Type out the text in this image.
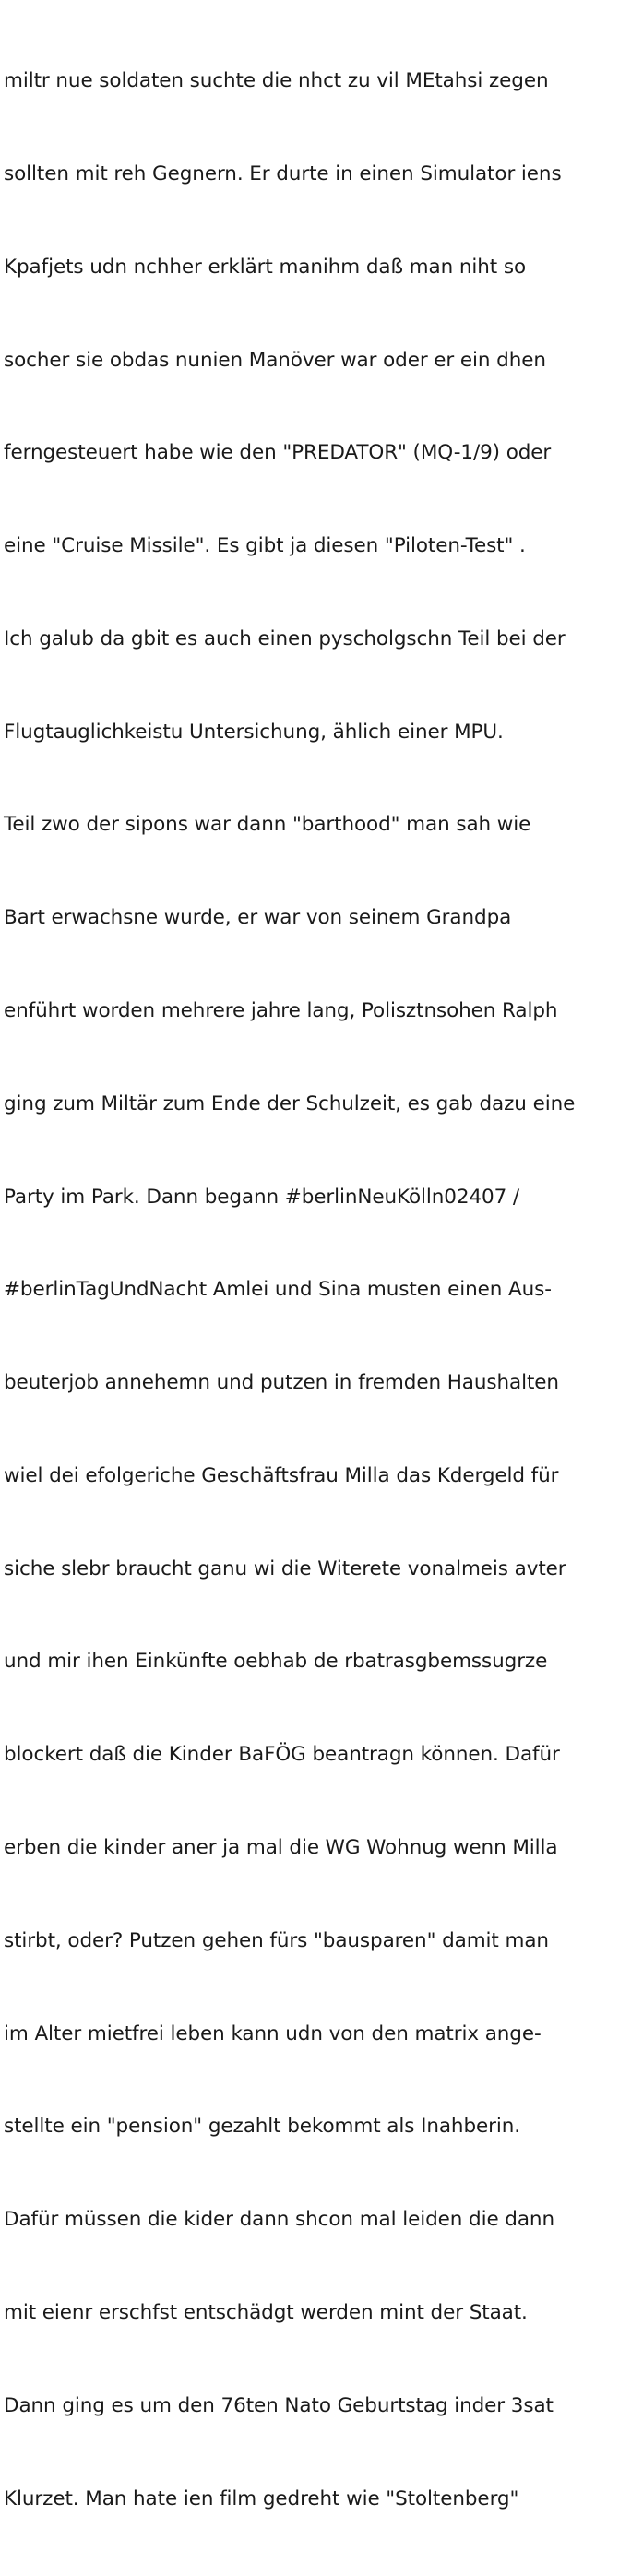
miltr nue soldaten suchte die nhct zu vil MEtahsi zegen

sollten mit reh Gegnern. Er durte in einen Simulator iens

Kpafjets udn nchher erklärt manihm daß man niht so

socher sie obdas nunien Manöver war oder er ein dhen

ferngesteuert habe wie den "PREDATOR" (MQ-1/9) oder

eine "Cruise Missile". Es gibt ja diesen "Piloten-Test" .

Ich galub da gbit es auch einen pyscholgschn Teil bei der

Flugtauglichkeistu Untersichung, ählich einer MPU.

Teil zwo der sipons war dann "barthood" man sah wie

Bart erwachsne wurde, er war von seinem Grandpa

enführt worden mehrere jahre lang, Polisztnsohen Ralph

ging zum Miltär zum Ende der Schulzeit, es gab dazu eine

Party im Park. Dann begann #berlinNeuKölln02407 /

#berlinTagUndNacht Amlei und Sina musten einen Aus-

beuterjob annehemn und putzen in fremden Haushalten

wiel dei efolgeriche Geschäftsfrau Milla das Kdergeld für

siche slebr braucht ganu wi die Witerete vonalmeis avter

und mir ihen Einkünfte oebhab de rbatrasgbemssugrze

blockert daß die Kinder BaFÖG beantragn können. Dafür

erben die kinder aner ja mal die WG Wohnug wenn Milla

stirbt, oder? Putzen gehen fürs "bausparen" damit man

im Alter mietfrei leben kann udn von den matrix ange-

stellte ein "pension" gezahlt bekommt als Inahberin.

Dafür müssen die kider dann shcon mal leiden die dann

mit eienr erschfst entschädgt werden mint der Staat.

Dann ging es um den 76ten Nato Geburtstag inder 3sat

Klurzet. Man hate ien film gedreht wie "Stoltenberg"
